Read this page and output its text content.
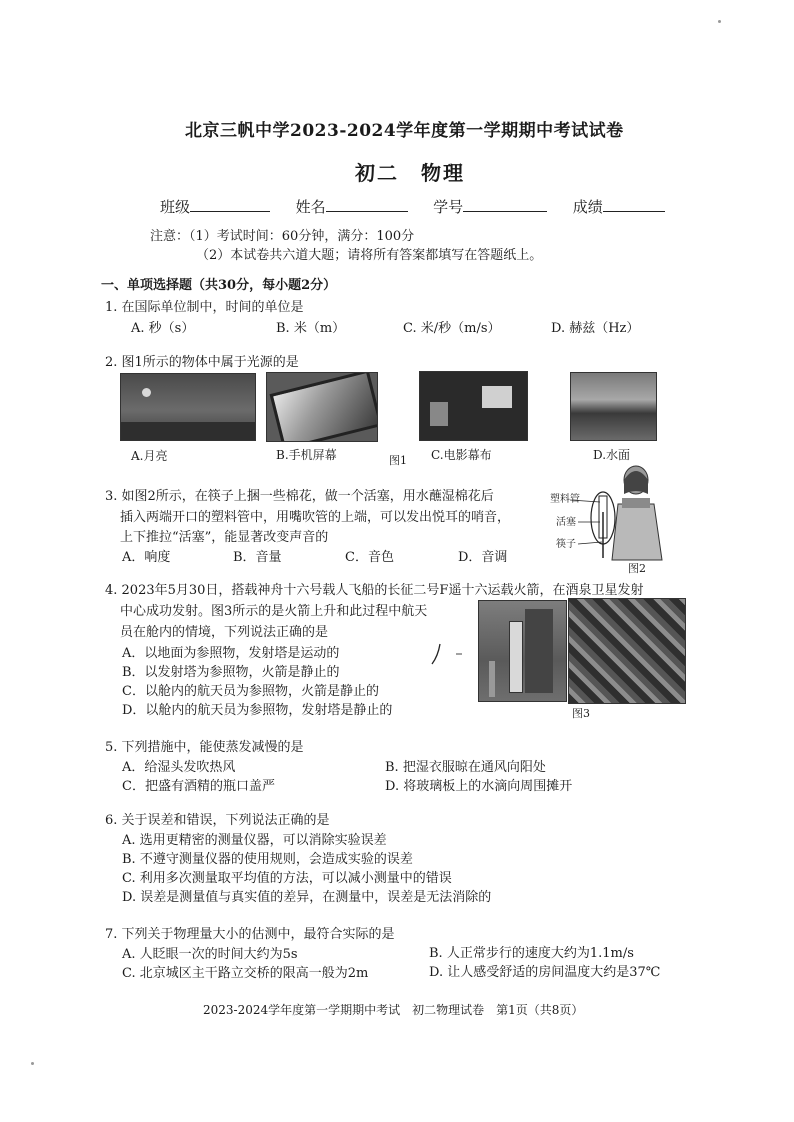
北京三帆中学2023-2024学年度第一学期期中考试试卷
初二　物理
班级	姓名	学号	成绩
注意：（1）考试时间：60分钟，满分：100分
（2）本试卷共六道大题；请将所有答案都填写在答题纸上。
一、单项选择题（共30分，每小题2分）
1. 在国际单位制中，时间的单位是
A. 秒（s）	B. 米（m）	C. 米/秒（m/s）	D. 赫兹（Hz）
2. 图1所示的物体中属于光源的是
A.月亮	B.手机屏幕	图1 C.电影幕布	D.水面
3. 如图2所示，在筷子上捆一些棉花，做一个活塞，用水蘸湿棉花后
插入两端开口的塑料管中，用嘴吹管的上端，可以发出悦耳的哨音，
上下推拉“活塞”，能显著改变声音的
A．响度	B．音量	C．音色	D．音调
塑料管
活塞
筷子
图2
4. 2023年5月30日，搭载神舟十六号载人飞船的长征二号F遥十六运载火箭，在酒泉卫星发射
中心成功发射。图3所示的是火箭上升和此过程中航天
员在舱内的情境，下列说法正确的是
A．以地面为参照物，发射塔是运动的
B．以发射塔为参照物，火箭是静止的
C．以舱内的航天员为参照物，火箭是静止的
D．以舱内的航天员为参照物，发射塔是静止的	图3
5. 下列措施中，能使蒸发减慢的是
A．给湿头发吹热风	B. 把湿衣服晾在通风向阳处
C．把盛有酒精的瓶口盖严	D. 将玻璃板上的水滴向周围摊开
6. 关于误差和错误，下列说法正确的是
A. 选用更精密的测量仪器，可以消除实验误差
B. 不遵守测量仪器的使用规则，会造成实验的误差
C. 利用多次测量取平均值的方法，可以减小测量中的错误
D. 误差是测量值与真实值的差异，在测量中，误差是无法消除的
7. 下列关于物理量大小的估测中，最符合实际的是
A. 人眨眼一次的时间大约为5s	B. 人正常步行的速度大约为1.1m/s
C. 北京城区主干路立交桥的限高一般为2m	D. 让人感受舒适的房间温度大约是37℃
2023-2024学年度第一学期期中考试　初二物理试卷　第1页（共8页）
